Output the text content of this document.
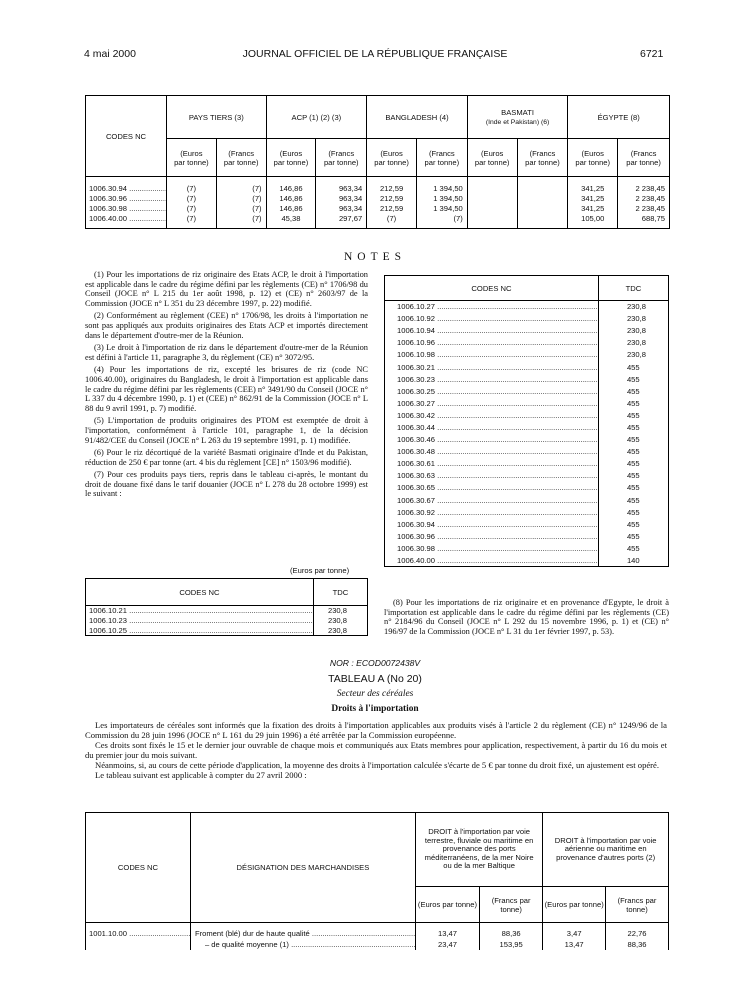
4 mai 2000	JOURNAL OFFICIEL DE LA RÉPUBLIQUE FRANÇAISE	6721
CODES NC	PAYS TIERS (3)		ACP (1) (2) (3)		BANGLADESH (4)		BASMATI
(Inde et Pakistan) (6)		ÉGYPTE (8)	
	(Euros
par tonne)	(Francs
par tonne)	(Euros
par tonne)	(Francs
par tonne)	(Euros
par tonne)	(Francs
par tonne)	(Euros
par tonne)	(Francs
par tonne)	(Euros
par tonne)	(Francs
par tonne)

1006.30.94 .....	(7)	(7)	146,86	963,34	212,59	1 394,50			341,25	2 238,45
1006.30.96 .....	(7)	(7)	146,86	963,34	212,59	1 394,50			341,25	2 238,45
1006.30.98 .....	(7)	(7)	146,86	963,34	212,59	1 394,50			341,25	2 238,45
1006.40.00 .....	(7)	(7)	45,38	297,67	(7)	(7)			105,00	688,75

NOTES

(1) Pour les importations de riz originaire des Etats ACP, le droit à l'importation est applicable dans le cadre du régime défini par les règlements (CE) n° 1706/98 du Conseil (JOCE n° L 215 du 1er août 1998, p. 12) et (CE) n° 2603/97 de la Commission (JOCE n° L 351 du 23 décembre 1997, p. 22) modifié.

(2) Conformément au règlement (CEE) n° 1706/98, les droits à l'importation ne sont pas appliqués aux produits originaires des Etats ACP et importés directement dans le département d'outre-mer de la Réunion.

(3) Le droit à l'importation de riz dans le département d'outre-mer de la Réunion est défini à l'article 11, paragraphe 3, du règlement (CE) n° 3072/95.

(4) Pour les importations de riz, excepté les brisures de riz (code NC 1006.40.00), originaires du Bangladesh, le droit à l'importation est applicable dans le cadre du régime défini par les règlements (CEE) n° 3491/90 du Conseil (JOCE n° L 337 du 4 décembre 1990, p. 1) et (CEE) n° 862/91 de la Commission (JOCE n° L 88 du 9 avril 1991, p. 7) modifié.

(5) L'importation de produits originaires des PTOM est exemptée de droit à l'importation, conformément à l'article 101, paragraphe 1, de la décision 91/482/CEE du Conseil (JOCE n° L 263 du 19 septembre 1991, p. 1) modifiée.

(6) Pour le riz décortiqué de la variété Basmati originaire d'Inde et du Pakistan, réduction de 250 € par tonne (art. 4 bis du règlement [CE] n° 1503/96 modifié).

(7) Pour ces produits pays tiers, repris dans le tableau ci-après, le montant du droit de douane fixé dans le tarif douanier (JOCE n° L 278 du 28 octobre 1999) est le suivant :

(Euros par tonne)
CODES NC	TDC
1006.10.21 .....	230,8
1006.10.23 .....	230,8
1006.10.25 .....	230,8
CODES NC	TDC
1006.10.27 .....	230,8
1006.10.92 .....	230,8
1006.10.94 .....	230,8
1006.10.96 .....	230,8
1006.10.98 .....	230,8
1006.30.21 .....	455
1006.30.23 .....	455
1006.30.25 .....	455
1006.30.27 .....	455
1006.30.42 .....	455
1006.30.44 .....	455
1006.30.46 .....	455
1006.30.48 .....	455
1006.30.61 .....	455
1006.30.63 .....	455
1006.30.65 .....	455
1006.30.67 .....	455
1006.30.92 .....	455
1006.30.94 .....	455
1006.30.96 .....	455
1006.30.98 .....	455
1006.40.00 .....	140

(8) Pour les importations de riz originaire et en provenance d'Egypte, le droit à l'importation est applicable dans le cadre du régime défini par les règlements (CE) n° 2184/96 du Conseil (JOCE n° L 292 du 15 novembre 1996, p. 1) et (CE) n° 196/97 de la Commission (JOCE n° L 31 du 1er février 1997, p. 53).

NOR : ECOD0072438V
TABLEAU A (No 20)
Secteur des céréales
Droits à l'importation

Les importateurs de céréales sont informés que la fixation des droits à l'importation applicables aux produits visés à l'article 2 du règlement (CE) n° 1249/96 de la Commission du 28 juin 1996 (JOCE n° L 161 du 29 juin 1996) a été arrêtée par la Commission européenne.

Ces droits sont fixés le 15 et le dernier jour ouvrable de chaque mois et communiqués aux Etats membres pour application, respectivement, à partir du 16 du mois et du premier jour du mois suivant.

Néanmoins, si, au cours de cette période d'application, la moyenne des droits à l'importation calculée s'écarte de 5 € par tonne du droit fixé, un ajustement est opéré.

Le tableau suivant est applicable à compter du 27 avril 2000 :

CODES NC	DÉSIGNATION DES MARCHANDISES	DROIT à l'importation par voie terrestre, fluviale ou maritime en provenance des ports méditerranéens, de la mer Noire ou de la mer Baltique		DROIT à l'importation par voie aérienne ou maritime en provenance d'autres ports (2)	
		(Euros par tonne)	(Francs par tonne)	(Euros par tonne)	(Francs par tonne)

1001.10.00 .....	Froment (blé) dur de haute qualité .....	13,47	88,36	3,47	22,76
	– de qualité moyenne (1) .....	23,47	153,95	13,47	88,36
